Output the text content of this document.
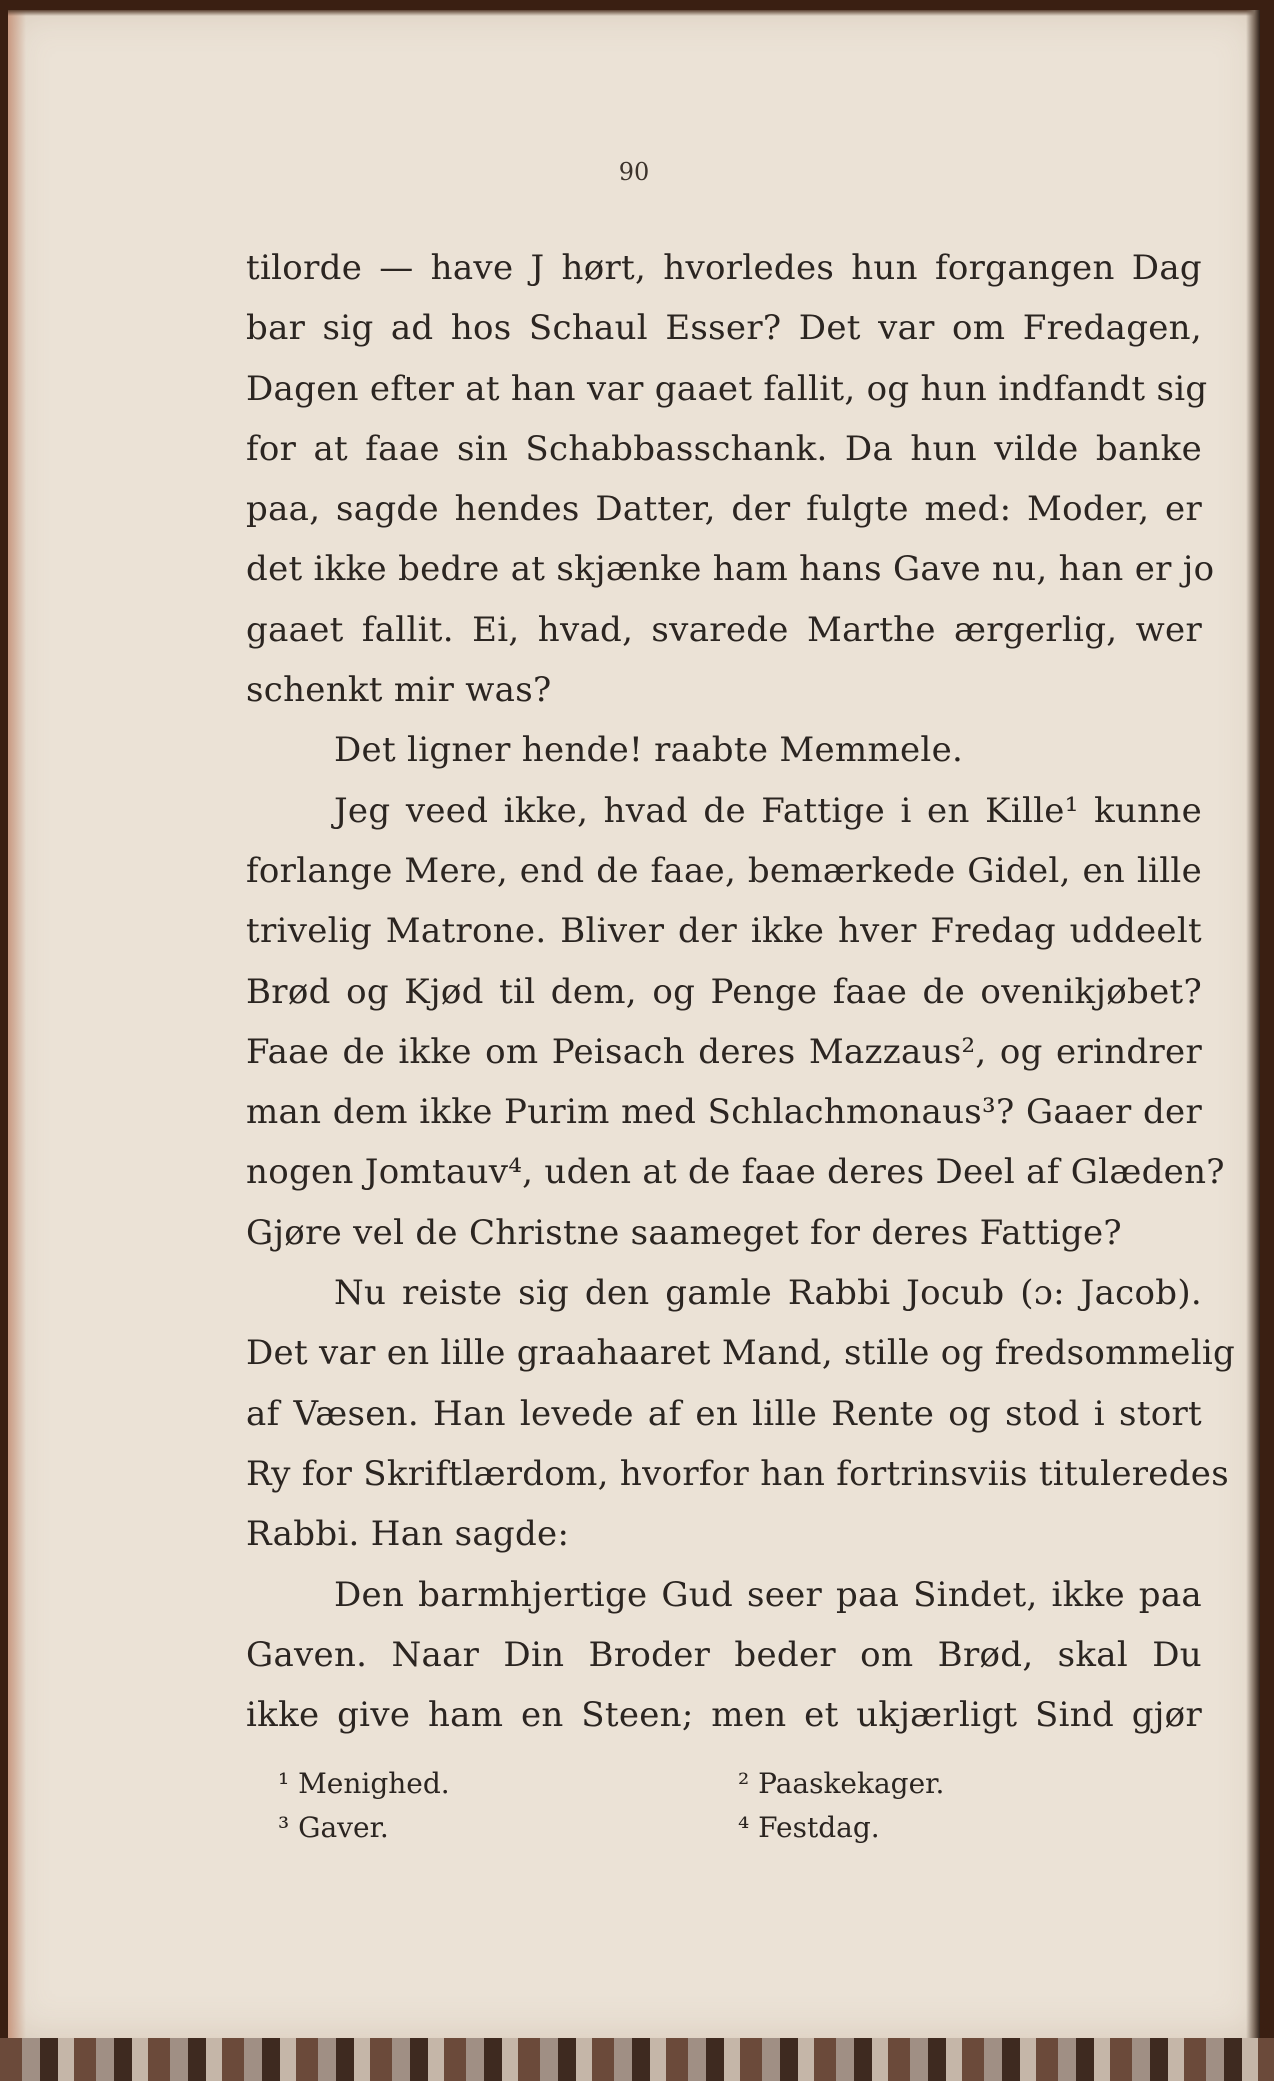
90
tilorde — have J hørt, hvorledes hun forgangen Dag
bar sig ad hos Schaul Esser? Det var om Fredagen,
Dagen efter at han var gaaet fallit, og hun indfandt sig
for at faae sin Schabbasschank. Da hun vilde banke
paa, sagde hendes Datter, der fulgte med: Moder, er
det ikke bedre at skjænke ham hans Gave nu, han er jo
gaaet fallit. Ei, hvad, svarede Marthe ærgerlig, wer
schenkt mir was?
Det ligner hende! raabte Memmele.
Jeg veed ikke, hvad de Fattige i en Kille¹ kunne
forlange Mere, end de faae, bemærkede Gidel, en lille
trivelig Matrone. Bliver der ikke hver Fredag uddeelt
Brød og Kjød til dem, og Penge faae de ovenikjøbet?
Faae de ikke om Peisach deres Mazzaus², og erindrer
man dem ikke Purim med Schlachmonaus³? Gaaer der
nogen Jomtauv⁴, uden at de faae deres Deel af Glæden?
Gjøre vel de Christne saameget for deres Fattige?
Nu reiste sig den gamle Rabbi Jocub (ɔ: Jacob).
Det var en lille graahaaret Mand, stille og fredsommelig
af Væsen. Han levede af en lille Rente og stod i stort
Ry for Skriftlærdom, hvorfor han fortrinsviis tituleredes
Rabbi. Han sagde:
Den barmhjertige Gud seer paa Sindet, ikke paa
Gaven. Naar Din Broder beder om Brød, skal Du
ikke give ham en Steen; men et ukjærligt Sind gjør
¹ Menighed.	² Paaskekager.
³ Gaver.	⁴ Festdag.
